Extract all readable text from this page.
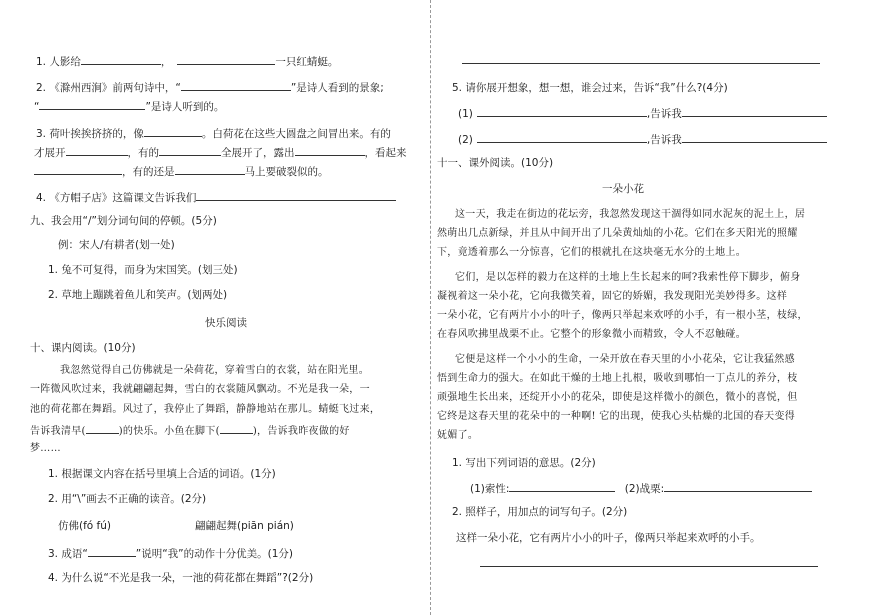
1. 人影给	，	一只红蜻蜓。
2. 《滁州西涧》前两句诗中，“	”是诗人看到的景象;
“	”是诗人听到的。
3. 荷叶挨挨挤挤的，像	。白荷花在这些大圆盘之间冒出来。有的
才展开	，有的	全展开了，露出	，看起来
，有的还是	马上要破裂似的。
4. 《方帽子店》这篇课文告诉我们
九、我会用“/”划分词句间的停顿。(5分)
例：宋人/有耕者(划一处)
1. 兔不可复得，而身为宋国笑。(划三处)
2. 草地上蹦跳着鱼儿和笑声。(划两处)
快乐阅读
十、课内阅读。(10分)
我忽然觉得自己仿佛就是一朵荷花，穿着雪白的衣裳，站在阳光里。
一阵微风吹过来，我就翩翩起舞，雪白的衣裳随风飘动。不光是我一朵，一
池的荷花都在舞蹈。风过了，我停止了舞蹈，静静地站在那儿。蜻蜓飞过来，
告诉我清早(	)的快乐。小鱼在脚下(	)，告诉我昨夜做的好
梦……
1. 根据课文内容在括号里填上合适的词语。(1分)
2. 用“\”画去不正确的读音。(2分)
仿佛(fó fú)	翩翩起舞(piān pián)
3. 成语“	”说明“我”的动作十分优美。(1分)
4. 为什么说“不光是我一朵，一池的荷花都在舞蹈”?(2分)
5. 请你展开想象，想一想，谁会过来，告诉“我”什么?(4分)
(1)	,告诉我
(2)	,告诉我
十一、课外阅读。(10分)
一朵小花
这一天，我走在街边的花坛旁，我忽然发现这干涸得如同水泥灰的泥土上，居
然萌出几点新绿，并且从中间开出了几朵黄灿灿的小花。它们在多天阳光的照耀
下，竟透着那么一分惊喜，它们的根就扎在这块毫无水分的土地上。
它们，是以怎样的毅力在这样的土地上生长起来的呵?我索性停下脚步，俯身
凝视着这一朵小花，它向我微笑着，固它的娇媚，我发现阳光美妙得多。这样
一朵小花，它有两片小小的叶子，像两只举起来欢呼的小手，有一根小茎，枝绿，
在春风吹拂里战栗不止。它整个的形象微小而精致，令人不忍触碰。
它便是这样一个小小的生命，一朵开放在春天里的小小花朵，它让我猛然感
悟到生命力的强大。在如此干燥的土地上扎根，吸收到哪怕一丁点儿的养分，枝
顽强地生长出来，还绽开小小的花朵，即使是这样微小的颜色，微小的喜悦，但
它终是这春天里的花朵中的一种啊! 它的出现，使我心头枯燥的北国的春天变得
妩媚了。
1. 写出下列词语的意思。(2分)
(1)索性:	(2)战栗:
2. 照样子，用加点的词写句子。(2分)
这样一朵小花，它有两片小小的叶子，像两只举起来欢呼的小手。
